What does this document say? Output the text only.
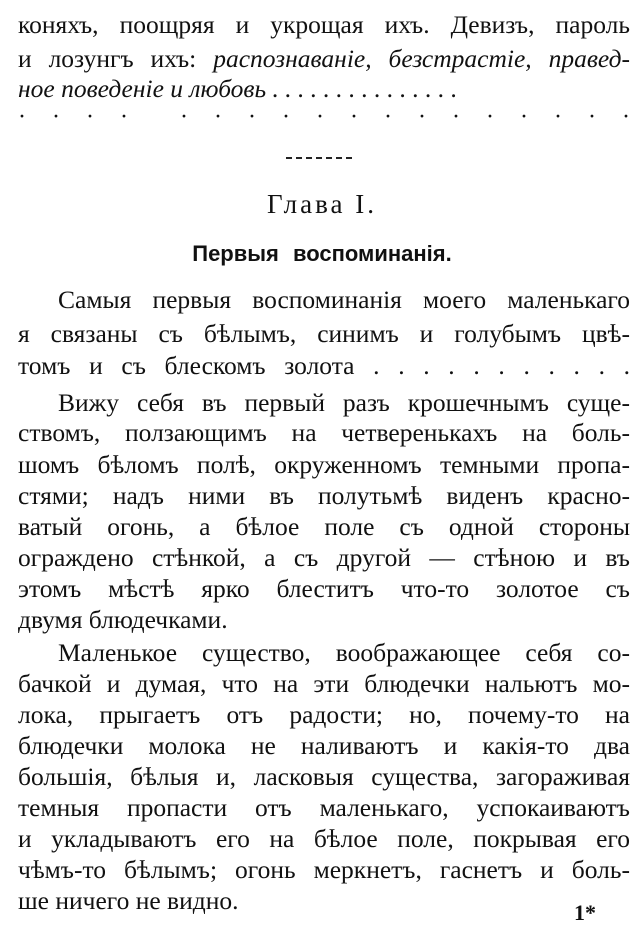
коняхъ, поощряя и укрощая ихъ. Девизъ, пароль
и лозунгъ ихъ: распознаванiе, безстрастiе, правед-
ное поведенiе и любовь . . . . . . . . . . . . . . .
· · · · · · · · · · · · · · · · · ·
Глава I.
Первыя воспоминанiя.
Самыя первыя воспоминанiя моего маленькаго
я связаны съ бѣлымъ, синимъ и голубымъ цвѣ-
томъ и съ блескомъ золота . . . . . . . . . . .
Вижу себя въ первый разъ крошечнымъ суще-
ствомъ, ползающимъ на четверенькахъ на боль-
шомъ бѣломъ полѣ, окруженномъ темными пропа-
стями; надъ ними въ полутьмѣ виденъ красно-
ватый огонь, а бѣлое поле съ одной стороны
ограждено стѣнкой, а съ другой — стѣною и въ
этомъ мѣстѣ ярко блеститъ что-то золотое съ
двумя блюдечками.
Маленькое существо, воображающее себя со-
бачкой и думая, что на эти блюдечки нальютъ мо-
лока, прыгаетъ отъ радости; но, почему-то на
блюдечки молока не наливаютъ и какiя-то два
большiя, бѣлыя и, ласковыя существа, загораживая
темныя пропасти отъ маленькаго, успокаиваютъ
и укладываютъ его на бѣлое поле, покрывая его
чѣмъ-то бѣлымъ; огонь меркнетъ, гаснетъ и боль-
ше ничего не видно.	1*
